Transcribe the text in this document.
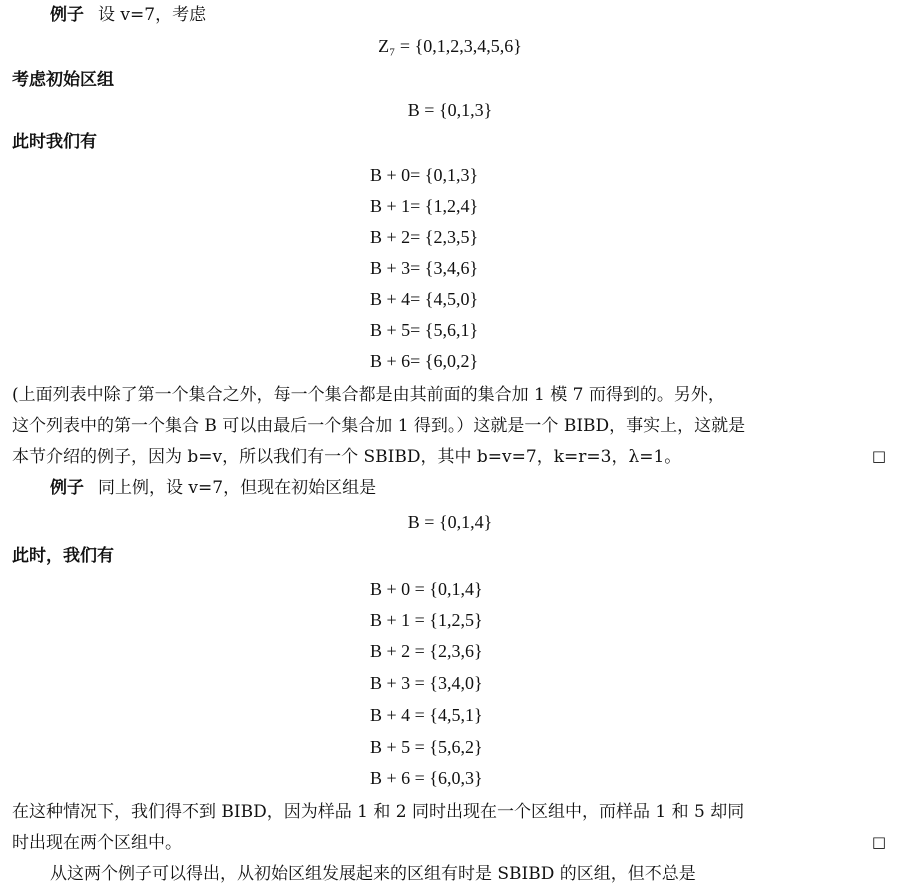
例子 设 v=7，考虑
Z₇ = {0,1,2,3,4,5,6}
考虑初始区组
B = {0,1,3}
此时我们有
B + 0= {0,1,3}
B + 1= {1,2,4}
B + 2= {2,3,5}
B + 3= {3,4,6}
B + 4= {4,5,0}
B + 5= {5,6,1}
B + 6= {6,0,2}
(上面列表中除了第一个集合之外，每一个集合都是由其前面的集合加 1 模 7 而得到的。另外，
这个列表中的第一个集合 B 可以由最后一个集合加 1 得到。）这就是一个 BIBD，事实上，这就是
本节介绍的例子，因为 b=v，所以我们有一个 SBIBD，其中 b=v=7，k=r=3，λ=1。	□
例子 同上例，设 v=7，但现在初始区组是
B = {0,1,4}
此时，我们有
B + 0 = {0,1,4}
B + 1 = {1,2,5}
B + 2 = {2,3,6}
B + 3 = {3,4,0}
B + 4 = {4,5,1}
B + 5 = {5,6,2}
B + 6 = {6,0,3}
在这种情况下，我们得不到 BIBD，因为样品 1 和 2 同时出现在一个区组中，而样品 1 和 5 却同
时出现在两个区组中。	□
从这两个例子可以得出，从初始区组发展起来的区组有时是 SBIBD 的区组，但不总是
